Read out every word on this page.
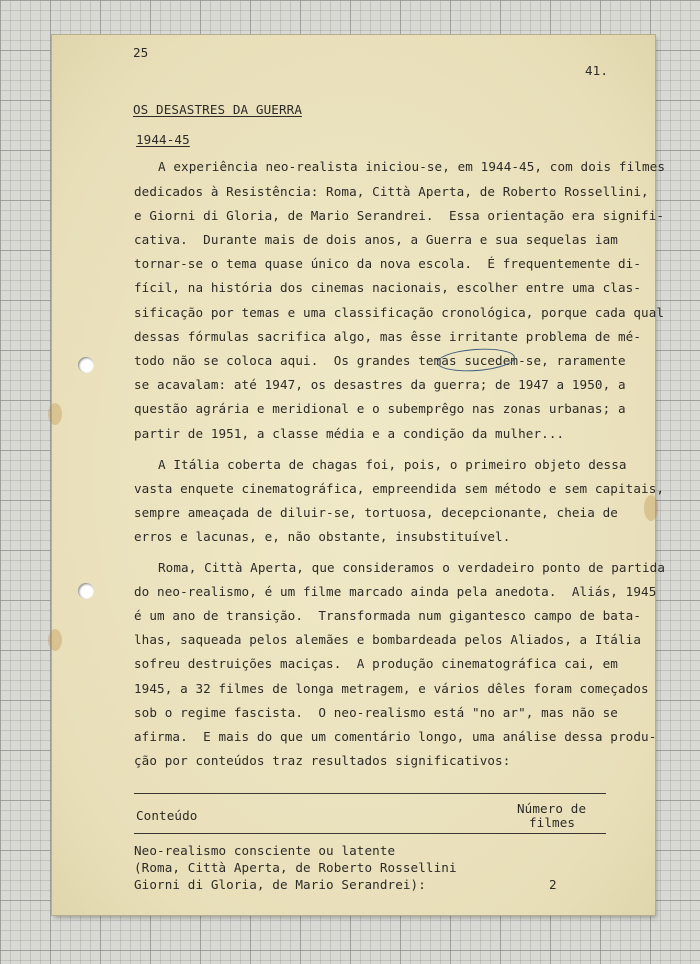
25
41.
OS DESASTRES DA GUERRA
1944-45
A experiência neo-realista iniciou-se, em 1944-45, com dois filmes
dedicados à Resistência: Roma, Città Aperta, de Roberto Rossellini,
e Giorni di Gloria, de Mario Serandrei.  Essa orientação era signifi-
cativa.  Durante mais de dois anos, a Guerra e sua sequelas iam
tornar-se o tema quase único da nova escola.  É frequentemente di-
fícil, na história dos cinemas nacionais, escolher entre uma clas-
sificação por temas e uma classificação cronológica, porque cada qual
dessas fórmulas sacrifica algo, mas êsse irritante problema de mé-
todo não se coloca aqui.  Os grandes temas sucedem-se, raramente
se acavalam: até 1947, os desastres da guerra; de 1947 a 1950, a
questão agrária e meridional e o subemprêgo nas zonas urbanas; a
partir de 1951, a classe média e a condição da mulher...
A Itália coberta de chagas foi, pois, o primeiro objeto dessa
vasta enquete cinematográfica, empreendida sem método e sem capitais,
sempre ameaçada de diluir-se, tortuosa, decepcionante, cheia de
erros e lacunas, e, não obstante, insubstituível.
Roma, Città Aperta, que consideramos o verdadeiro ponto de partida
do neo-realismo, é um filme marcado ainda pela anedota.  Aliás, 1945
é um ano de transição.  Transformada num gigantesco campo de bata-
lhas, saqueada pelos alemães e bombardeada pelos Aliados, a Itália
sofreu destruições maciças.  A produção cinematográfica cai, em
1945, a 32 filmes de longa metragem, e vários dêles foram começados
sob o regime fascista.  O neo-realismo está "no ar", mas não se
afirma.  E mais do que um comentário longo, uma análise dessa produ-
ção por conteúdos traz resultados significativos:
Conteúdo	Número de
filmes
Neo-realismo consciente ou latente
(Roma, Città Aperta, de Roberto Rossellini
Giorni di Gloria, de Mario Serandrei):	2
